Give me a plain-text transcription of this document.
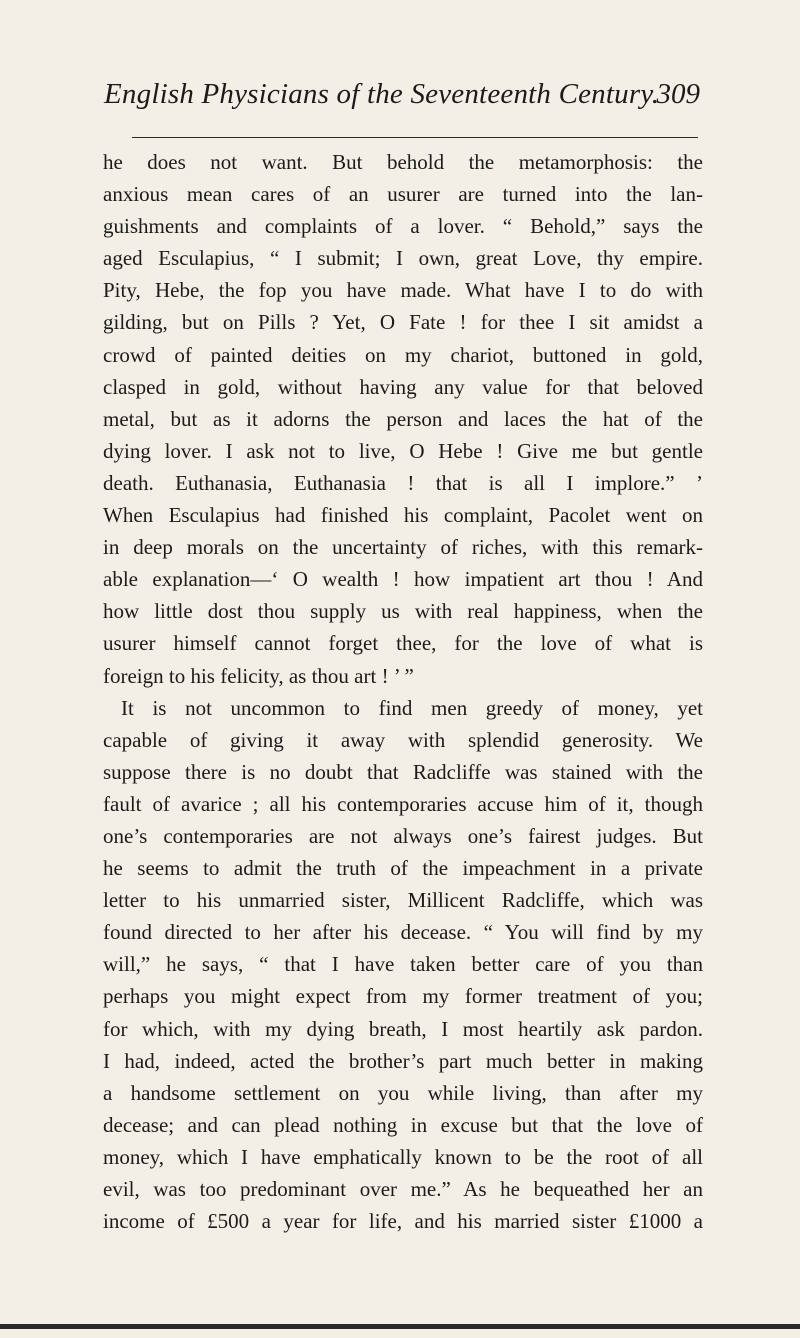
English Physicians of the Seventeenth Century.
309
he does not want. But behold the metamorphosis: the
anxious mean cares of an usurer are turned into the lan-
guishments and complaints of a lover. “ Behold,” says the
aged Esculapius, “ I submit; I own, great Love, thy empire.
Pity, Hebe, the fop you have made. What have I to do with
gilding, but on Pills ? Yet, O Fate ! for thee I sit amidst a
crowd of painted deities on my chariot, buttoned in gold,
clasped in gold, without having any value for that beloved
metal, but as it adorns the person and laces the hat of the
dying lover. I ask not to live, O Hebe ! Give me but gentle
death. Euthanasia, Euthanasia ! that is all I implore.” ’
When Esculapius had finished his complaint, Pacolet went on
in deep morals on the uncertainty of riches, with this remark-
able explanation—‘ O wealth ! how impatient art thou ! And
how little dost thou supply us with real happiness, when the
usurer himself cannot forget thee, for the love of what is
foreign to his felicity, as thou art ! ’ ”
It is not uncommon to find men greedy of money, yet
capable of giving it away with splendid generosity. We
suppose there is no doubt that Radcliffe was stained with the
fault of avarice ; all his contemporaries accuse him of it, though
one’s contemporaries are not always one’s fairest judges. But
he seems to admit the truth of the impeachment in a private
letter to his unmarried sister, Millicent Radcliffe, which was
found directed to her after his decease. “ You will find by my
will,” he says, “ that I have taken better care of you than
perhaps you might expect from my former treatment of you;
for which, with my dying breath, I most heartily ask pardon.
I had, indeed, acted the brother’s part much better in making
a handsome settlement on you while living, than after my
decease; and can plead nothing in excuse but that the love of
money, which I have emphatically known to be the root of all
evil, was too predominant over me.” As he bequeathed her an
income of £500 a year for life, and his married sister £1000 a
